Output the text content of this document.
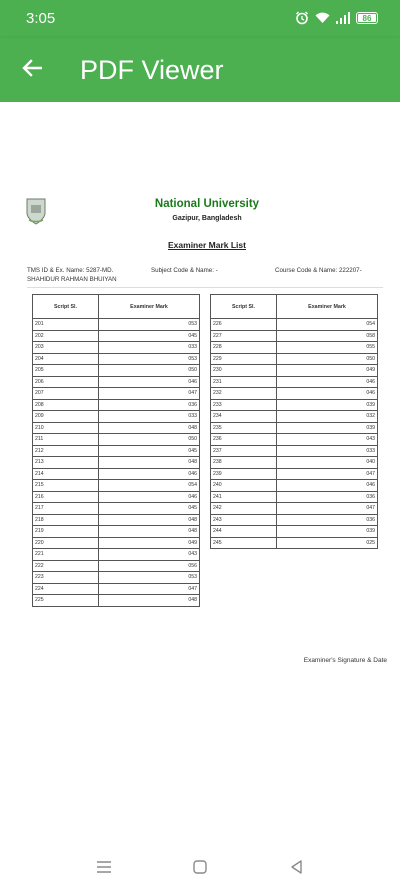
3:05	86
PDF Viewer
National University
Gazipur, Bangladesh
Examiner Mark List
TMS ID & Ex. Name: 5287-MD.
SHAHIDUR RAHMAN BHUIYAN
Subject Code & Name: -	Course Code & Name: 222207-
Script Sl.	Examiner Mark
201	053
202	045
203	033
204	053
205	050
206	046
207	047
208	036
209	033
210	048
211	050
212	045
213	048
214	046
215	054
216	046
217	045
218	048
219	048
220	049
221	043
222	056
223	053
224	047
225	048
Script Sl.	Examiner Mark
226	054
227	058
228	055
229	050
230	049
231	046
232	046
233	039
234	032
235	039
236	043
237	033
238	040
239	047
240	046
241	036
242	047
243	036
244	039
245	025
Examiner's Signature & Date
